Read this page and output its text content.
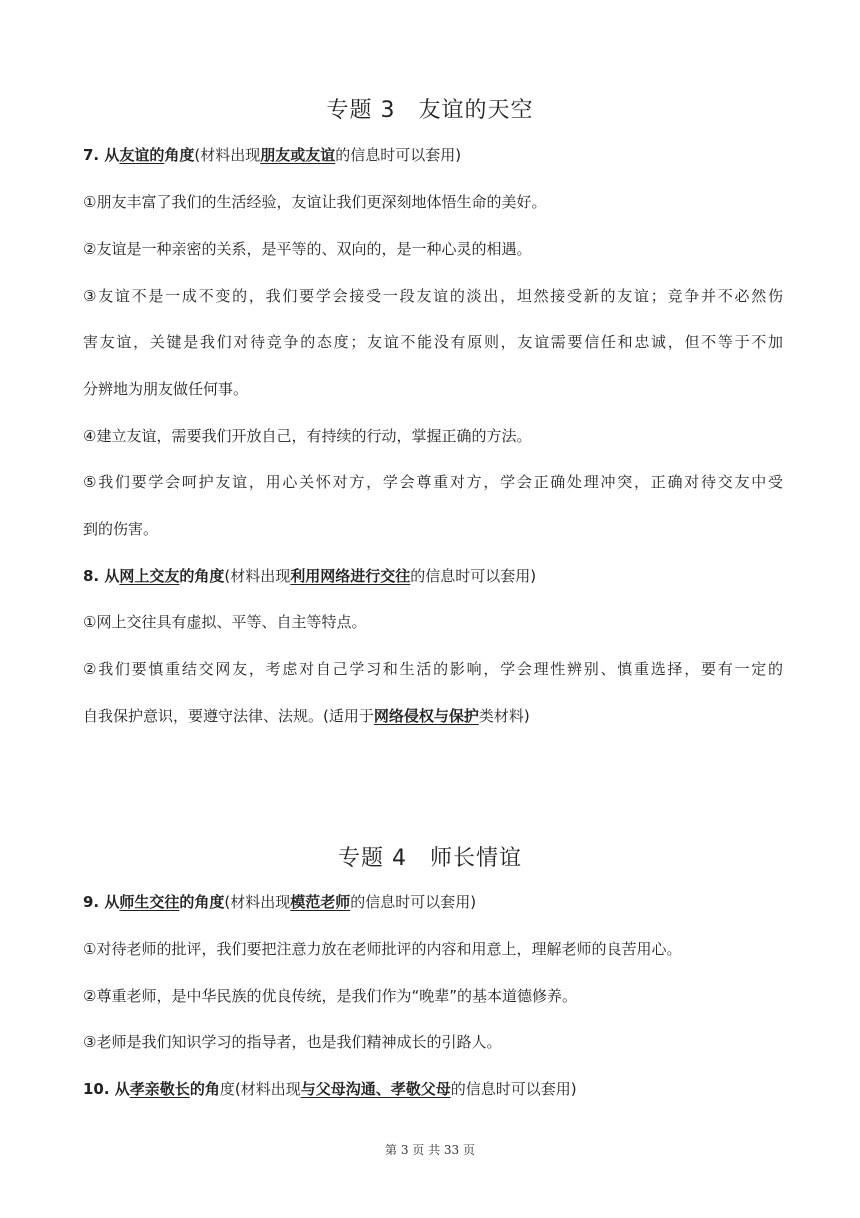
专题 3　友谊的天空
7. 从友谊的角度(材料出现朋友或友谊的信息时可以套用)
①朋友丰富了我们的生活经验，友谊让我们更深刻地体悟生命的美好。
②友谊是一种亲密的关系，是平等的、双向的，是一种心灵的相遇。
③友谊不是一成不变的，我们要学会接受一段友谊的淡出，坦然接受新的友谊；竞争并不必然伤
害友谊，关键是我们对待竞争的态度；友谊不能没有原则，友谊需要信任和忠诚，但不等于不加
分辨地为朋友做任何事。
④建立友谊，需要我们开放自己，有持续的行动，掌握正确的方法。
⑤我们要学会呵护友谊，用心关怀对方，学会尊重对方，学会正确处理冲突，正确对待交友中受
到的伤害。
8. 从网上交友的角度(材料出现利用网络进行交往的信息时可以套用)
①网上交往具有虚拟、平等、自主等特点。
②我们要慎重结交网友，考虑对自己学习和生活的影响，学会理性辨别、慎重选择，要有一定的
自我保护意识，要遵守法律、法规。(适用于网络侵权与保护类材料)
专题 4　师长情谊
9. 从师生交往的角度(材料出现模范老师的信息时可以套用)
①对待老师的批评，我们要把注意力放在老师批评的内容和用意上，理解老师的良苦用心。
②尊重老师，是中华民族的优良传统，是我们作为“晚辈”的基本道德修养。
③老师是我们知识学习的指导者，也是我们精神成长的引路人。
10. 从孝亲敬长的角度(材料出现与父母沟通、孝敬父母的信息时可以套用)
第 3 页 共 33 页
